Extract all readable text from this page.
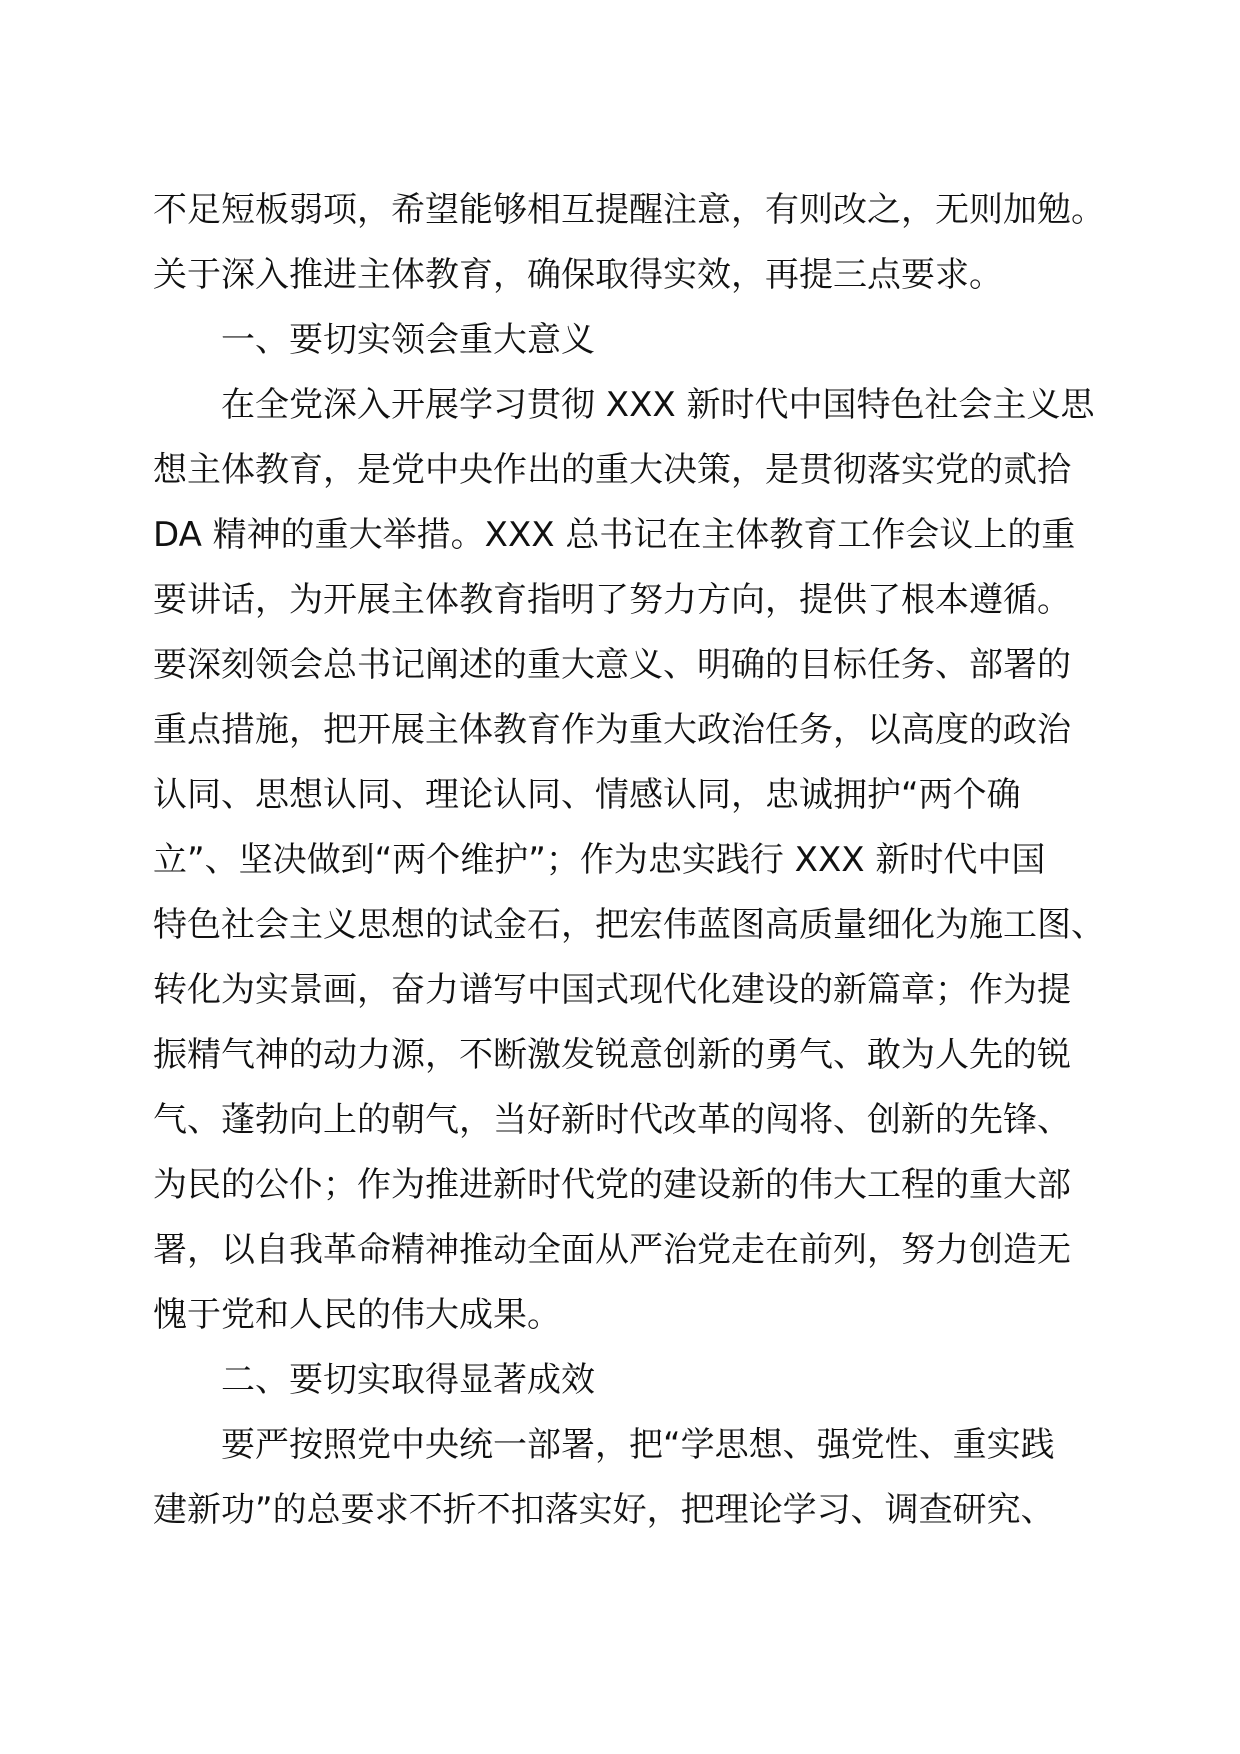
不足短板弱项，希望能够相互提醒注意，有则改之，无则加勉。
关于深入推进主体教育，确保取得实效，再提三点要求。
一、要切实领会重大意义
在全党深入开展学习贯彻 XXX 新时代中国特色社会主义思
想主体教育，是党中央作出的重大决策，是贯彻落实党的贰拾
DA 精神的重大举措。XXX 总书记在主体教育工作会议上的重
要讲话，为开展主体教育指明了努力方向，提供了根本遵循。
要深刻领会总书记阐述的重大意义、明确的目标任务、部署的
重点措施，把开展主体教育作为重大政治任务，以高度的政治
认同、思想认同、理论认同、情感认同，忠诚拥护“两个确
立”、坚决做到“两个维护”；作为忠实践行 XXX 新时代中国
特色社会主义思想的试金石，把宏伟蓝图高质量细化为施工图、
转化为实景画，奋力谱写中国式现代化建设的新篇章；作为提
振精气神的动力源，不断激发锐意创新的勇气、敢为人先的锐
气、蓬勃向上的朝气，当好新时代改革的闯将、创新的先锋、
为民的公仆；作为推进新时代党的建设新的伟大工程的重大部
署，以自我革命精神推动全面从严治党走在前列，努力创造无
愧于党和人民的伟大成果。
二、要切实取得显著成效
要严按照党中央统一部署，把“学思想、强党性、重实践
建新功”的总要求不折不扣落实好，把理论学习、调查研究、
